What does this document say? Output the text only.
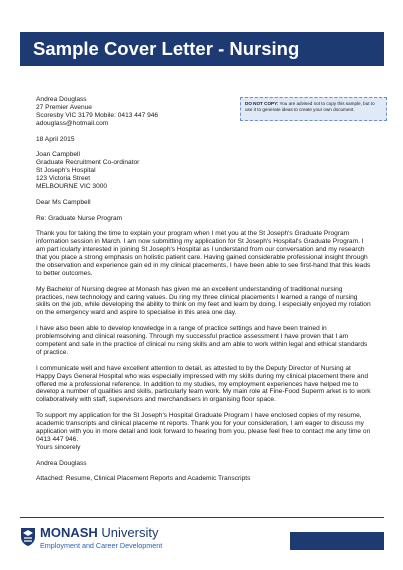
Sample Cover Letter - Nursing
DO NOT COPY: You are advised not to copy this sample, but to use it to generate ideas to create your own document.

Andrea Douglass

27 Premier Avenue

Scoresby VIC 3179 Mobile: 0413 447 946

adouglass@hotmail.com

18 April 2015

Joan Campbell

Graduate Recruitment Co-ordinator

St Joseph's Hospital

123 Victoria Street

MELBOURNE VIC 3000

Dear Ms Campbell

Re: Graduate Nurse Program

Thank you for taking the time to explain your program when I met you at the St Joseph's Graduate Program information session in March. I am now submitting my application for St Joseph's Hospital's Graduate Program. I am part icularly interested in joining St Joseph's Hospital as I understand from our conversation and my research that you place a strong emphasis on holistic patient care. Having gained considerable professional insight through the observation and experience gain ed in my clinical placements, I have been able to see first-hand that this leads to better outcomes.

My Bachelor of Nursing degree at Monash has given me an excellent understanding of traditional nursing practices, new technology and caring values. Du ring my three clinical placements I learned a range of nursing skills on the job, while developing the ability to think on my feet and learn by doing. I especially enjoyed my rotation on the emergency ward and aspire to specialise in this area one day.

I have also been able to develop knowledge in a range of practice settings and have been trained in problemsolving and clinical reasoning. Through my successful practice assessment I have proven that I am competent and safe in the practice of clinical nu rsing skills and am able to work within legal and ethical standards of practice.

I communicate well and have excellent attention to detail, as attested to by the Deputy Director of Nursing at Happy Days General Hospital who was especially impressed with my skills during my clinical placement there and offered me a professional reference. In addition to my studies, my employment experiences have helped me to develop a number of qualities and skills, particularly team work. My main role at Fine-Food Superm arket is to work collaboratively with staff, supervisors and merchandisers in organising floor space.

To support my application for the St Joseph's Hospital Graduate Program I have enclosed copies of my resume, academic transcripts and clinical placeme nt reports. Thank you for your consideration, I am eager to discuss my application with you in more detail and look forward to hearing from you, please feel free to contact me any time on 0413 447 946.

Yours sincerely

Andrea Douglass

Attached: Resume, Clinical Placement Reports and Academic Transcripts

MONASH University
Employment and Career Development
